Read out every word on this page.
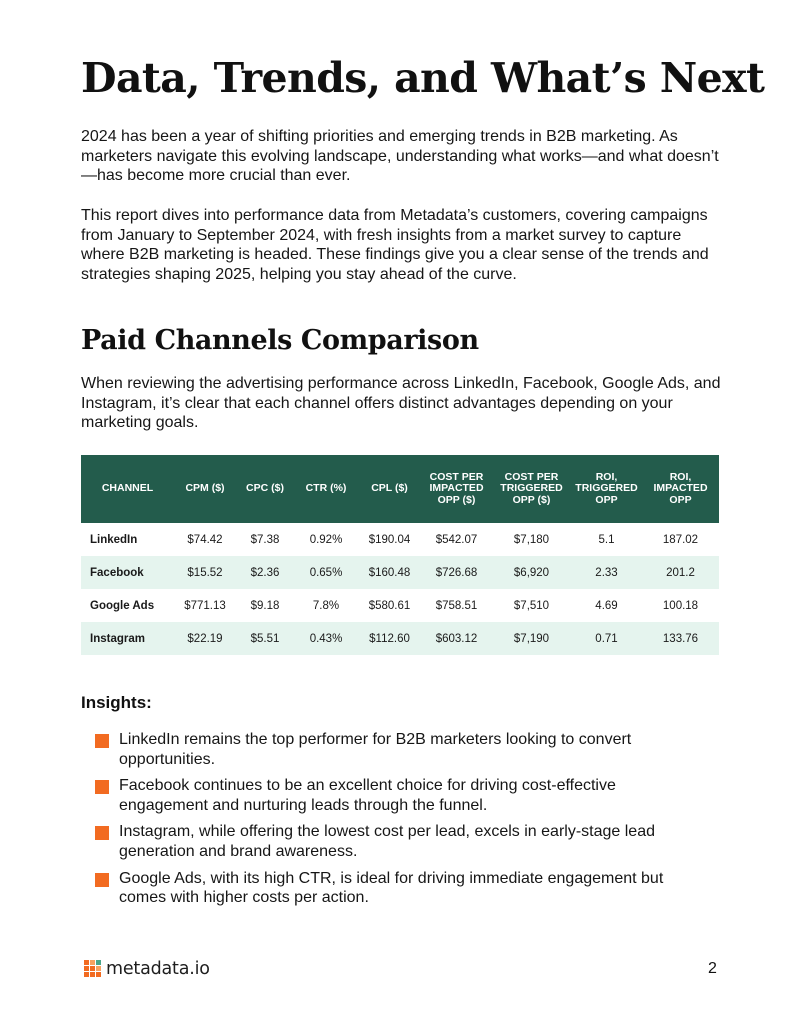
Data, Trends, and What’s Next

2024 has been a year of shifting priorities and emerging trends in B2B marketing. As marketers navigate this evolving landscape, understanding what works—and what doesn’t—has become more crucial than ever.

This report dives into performance data from Metadata’s customers, covering campaigns from January to September 2024, with fresh insights from a market survey to capture where B2B marketing is headed. These findings give you a clear sense of the trends and strategies shaping 2025, helping you stay ahead of the curve.

Paid Channels Comparison

When reviewing the advertising performance across LinkedIn, Facebook, Google Ads, and Instagram, it’s clear that each channel offers distinct advantages depending on your marketing goals.

CHANNEL	CPM ($)	CPC ($)	CTR (%)	CPL ($)	COST PER IMPACTED OPP ($)	COST PER TRIGGERED OPP ($)	ROI, TRIGGERED OPP	ROI, IMPACTED OPP
LinkedIn	$74.42	$7.38	0.92%	$190.04	$542.07	$7,180	5.1	187.02
Facebook	$15.52	$2.36	0.65%	$160.48	$726.68	$6,920	2.33	201.2
Google Ads	$771.13	$9.18	7.8%	$580.61	$758.51	$7,510	4.69	100.18
Instagram	$22.19	$5.51	0.43%	$112.60	$603.12	$7,190	0.71	133.76
Insights:
LinkedIn remains the top performer for B2B marketers looking to convert opportunities.
Facebook continues to be an excellent choice for driving cost-effective engagement and nurturing leads through the funnel.
Instagram, while offering the lowest cost per lead, excels in early-stage lead generation and brand awareness.
Google Ads, with its high CTR, is ideal for driving immediate engagement but comes with higher costs per action.
metadata.io	2
